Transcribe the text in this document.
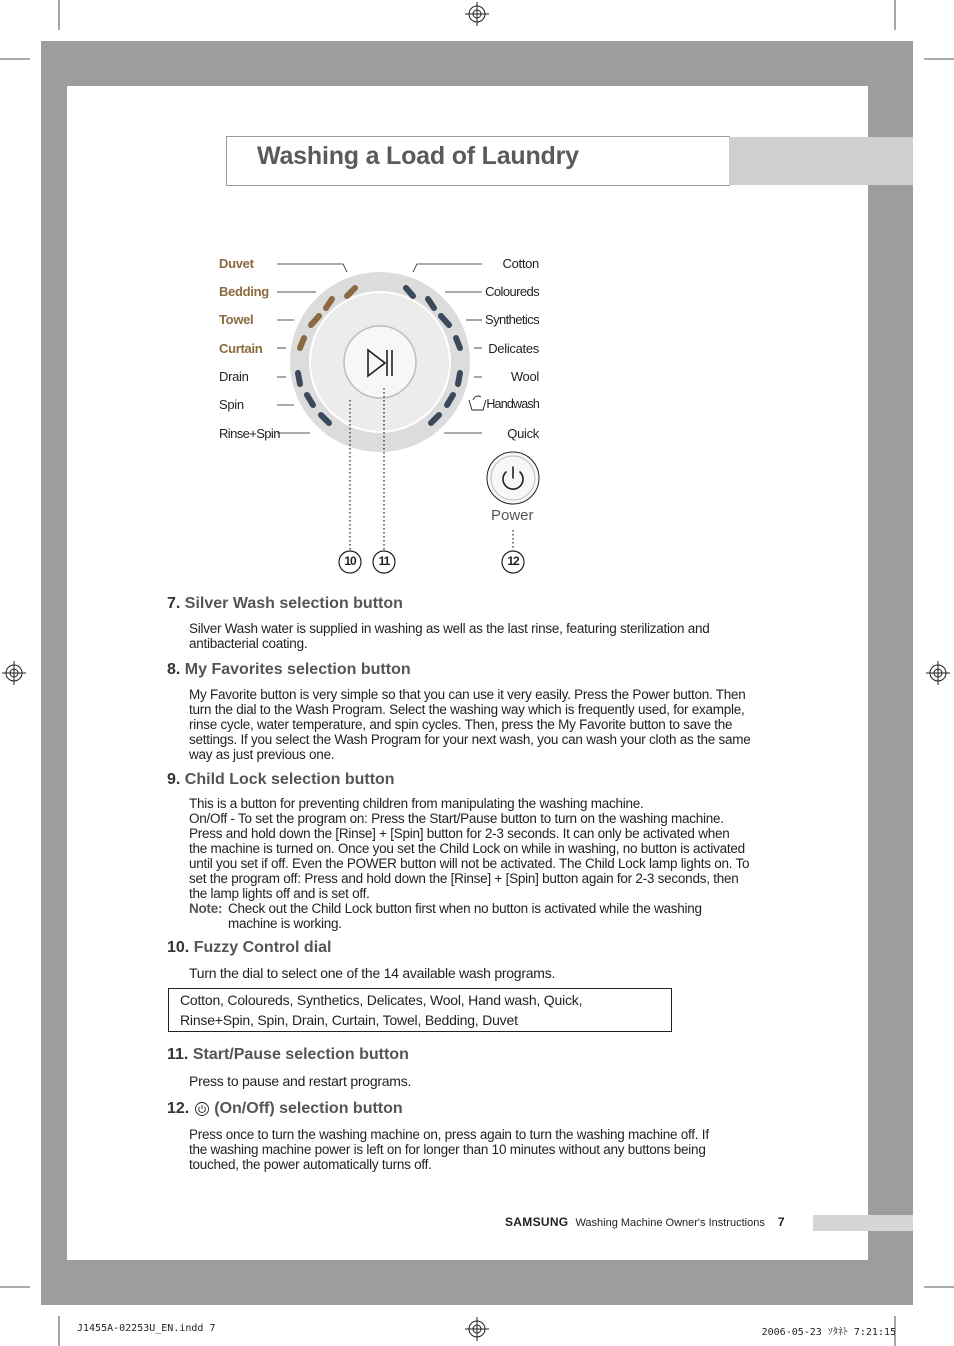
Washing a Load of Laundry
Duvet
Bedding
Towel
Curtain
Drain
Spin
Rinse+Spin
Cotton
Coloureds
Synthetics
Delicates
Wool
Handwash
Quick
Power
10	11	12
7. Silver Wash selection button
Silver Wash water is supplied in washing as well as the last rinse, featuring sterilization and
antibacterial coating.
8. My Favorites selection button
My Favorite button is very simple so that you can use it very easily. Press the Power button. Then
turn the dial to the Wash Program. Select the washing way which is frequently used, for example,
rinse cycle, water temperature, and spin cycles. Then, press the My Favorite button to save the
settings. If you select the Wash Program for your next wash, you can wash your cloth as the same
way as just previous one.
9. Child Lock selection button
This is a button for preventing children from manipulating the washing machine.
On/Off - To set the program on: Press the Start/Pause button to turn on the washing machine.
Press and hold down the [Rinse] + [Spin] button for 2-3 seconds. It can only be activated when
the machine is turned on. Once you set the Child Lock on while in washing, no button is activated
until you set if off. Even the POWER button will not be activated. The Child Lock lamp lights on. To
set the program off: Press and hold down the [Rinse] + [Spin] button again for 2-3 seconds, then
the lamp lights off and is set off.
Note: Check out the Child Lock button first when no button is activated while the washing
machine is working.
10. Fuzzy Control dial
Turn the dial to select one of the 14 available wash programs.
Cotton, Coloureds, Synthetics, Delicates, Wool, Hand wash, Quick,
Rinse+Spin, Spin, Drain, Curtain, Towel, Bedding, Duvet
11. Start/Pause selection button
Press to pause and restart programs.
12. (On/Off) selection button
Press once to turn the washing machine on, press again to turn the washing machine off. If
the washing machine power is left on for longer than 10 minutes without any buttons being
touched, the power automatically turns off.
SAMSUNG Washing Machine Owner's Instructions 7
J1455A-02253U_EN.indd 7	2006-05-23 ｿﾀﾈﾄ 7:21:15
